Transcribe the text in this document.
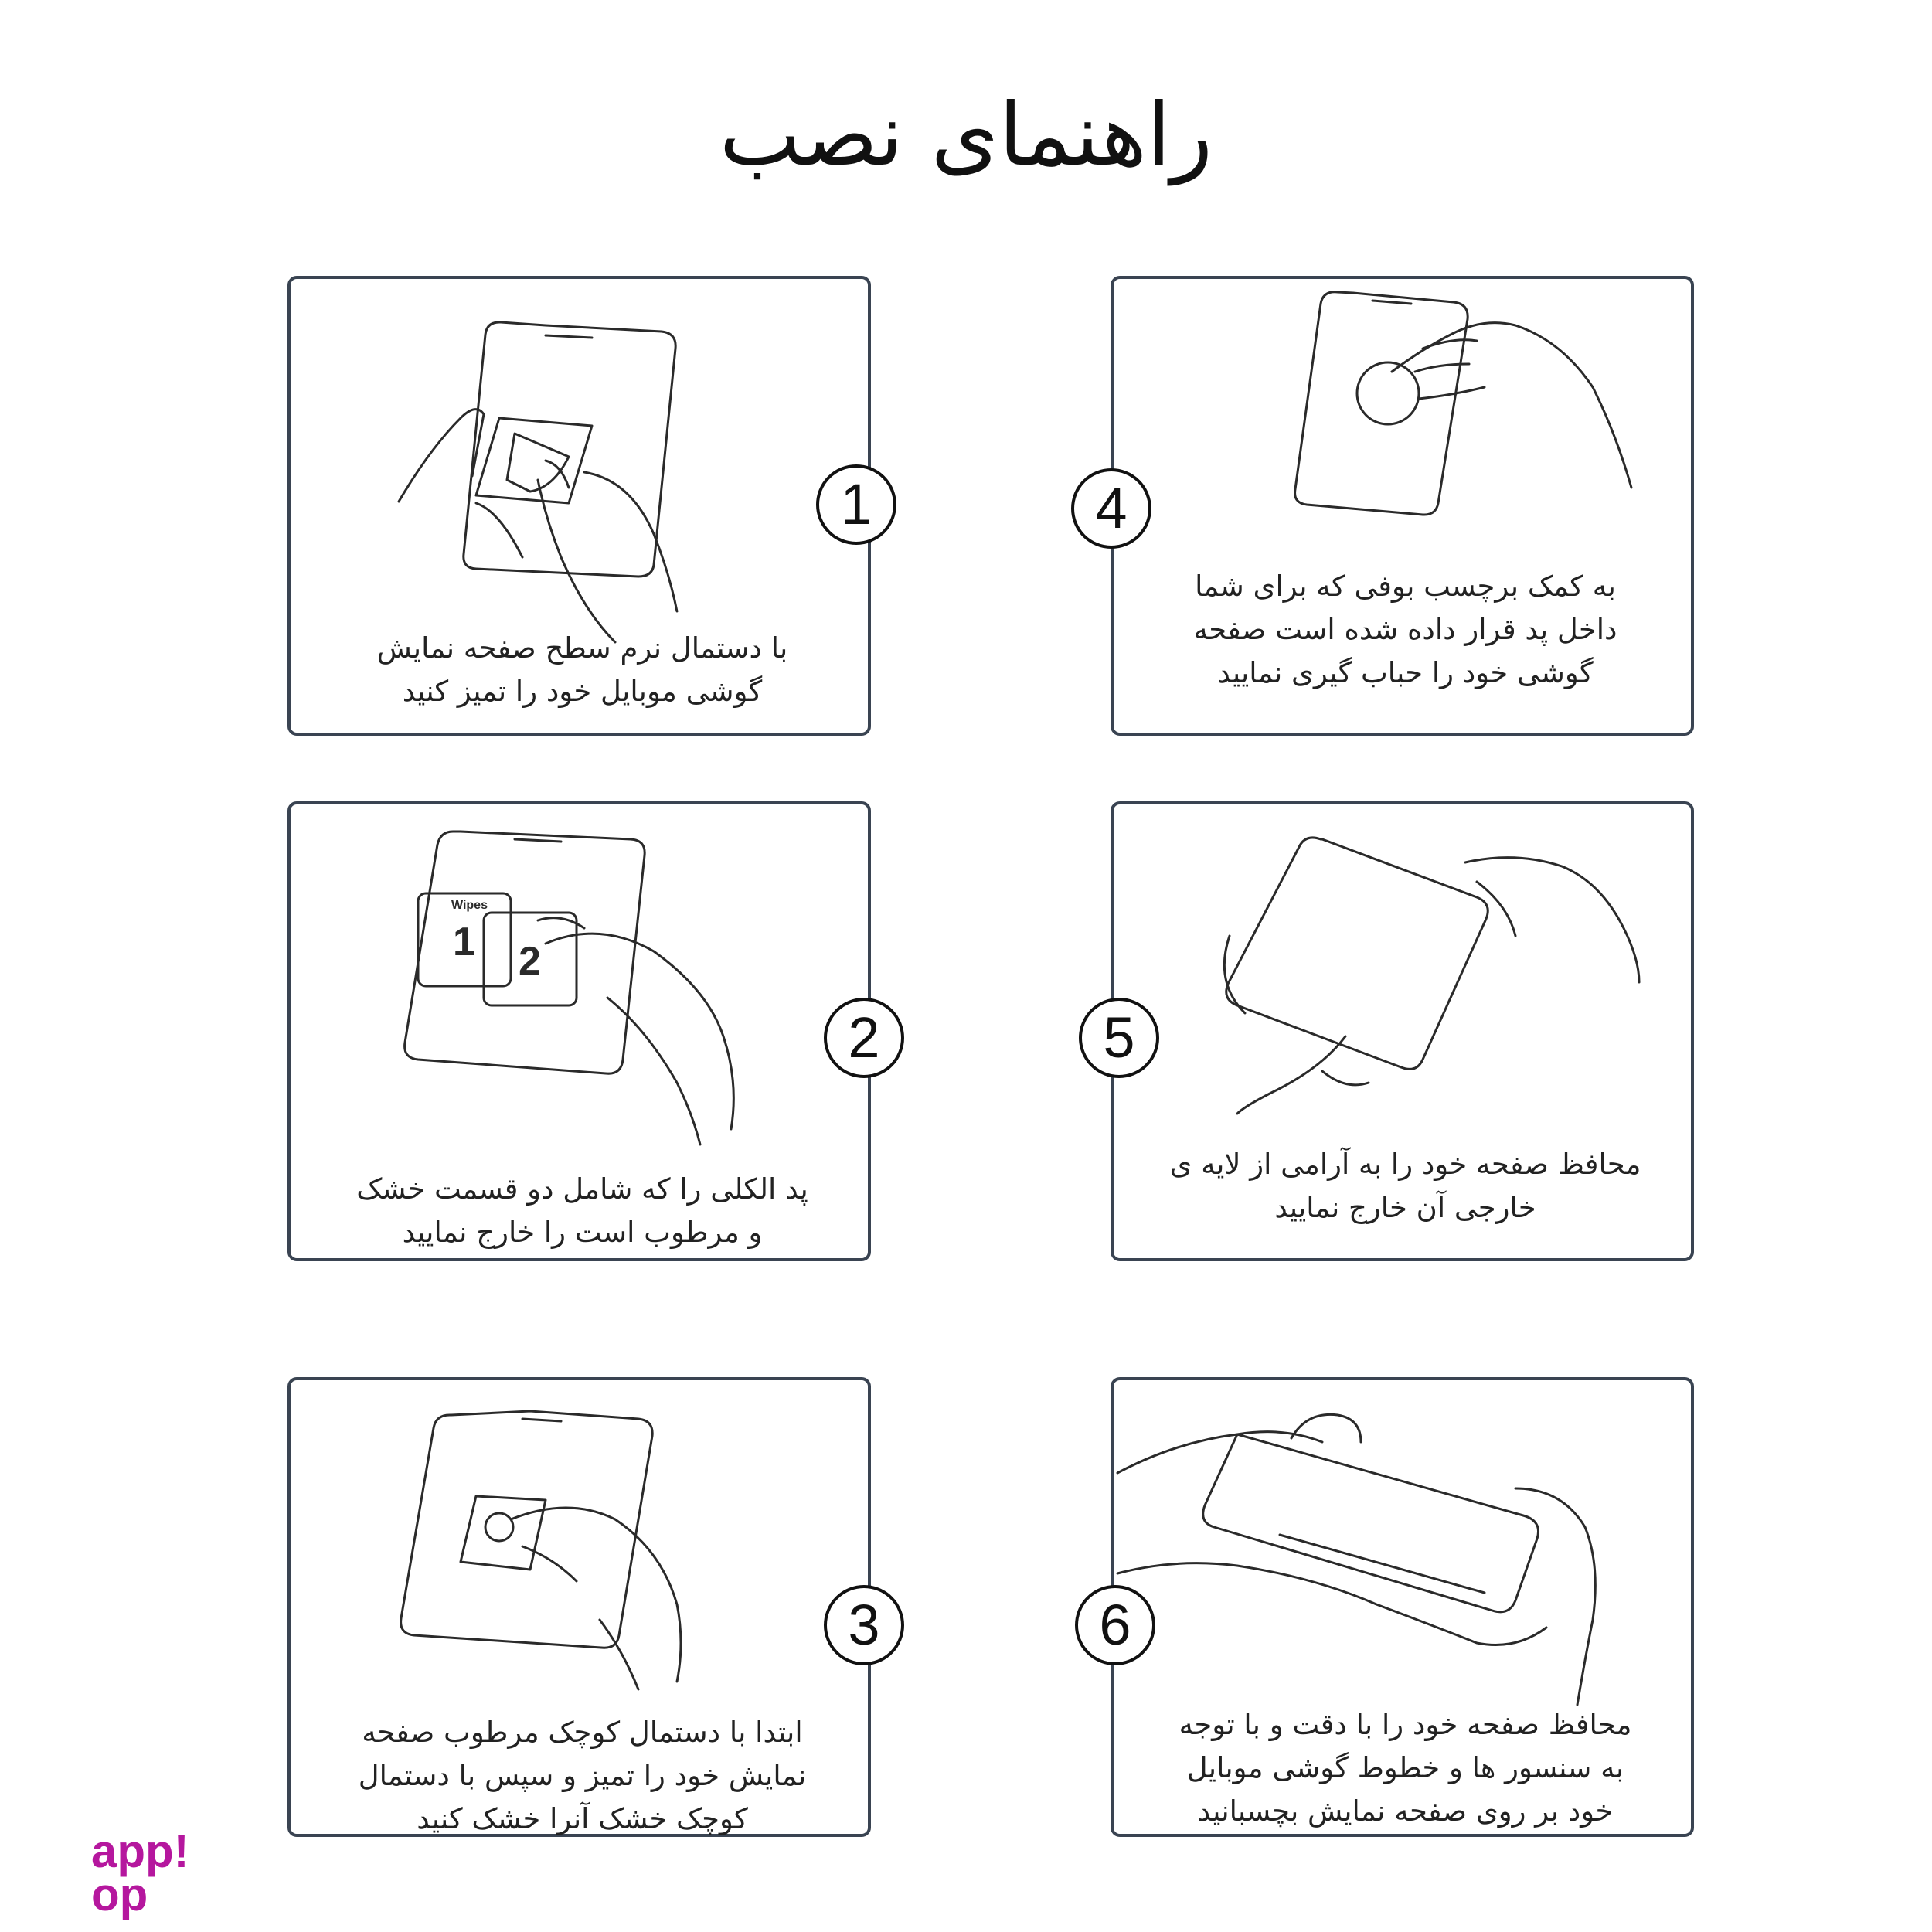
راهنمای نصب
1
با دستمال نرم سطح صفحه نمایش
گوشی موبایل خود را تمیز کنید
4
به کمک برچسب بوفی که برای شما
داخل پد قرار داده شده است صفحه
گوشی خود را حباب گیری نمایید
Wipes
1 2
2
پد الکلی را که شامل دو قسمت خشک
و مرطوب است را خارج نمایید
5
محافظ صفحه خود را به آرامی از لایه ی
خارجی آن خارج نمایید
3
ابتدا با دستمال کوچک مرطوب صفحه
نمایش خود را تمیز و سپس با دستمال
کوچک خشک آنرا خشک کنید
6
محافظ صفحه خود را با دقت و با توجه
به سنسور ها و خطوط گوشی موبایل
خود بر روی صفحه نمایش بچسبانید
app!
op
